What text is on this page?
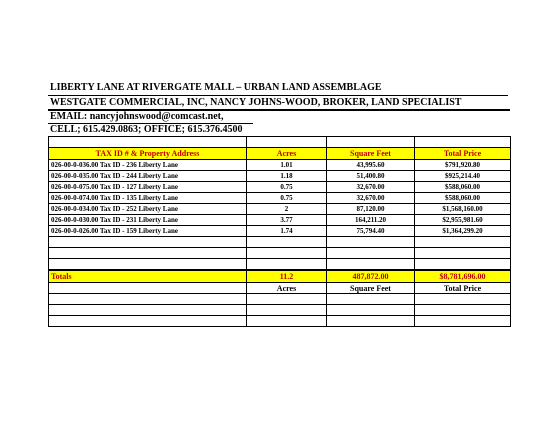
LIBERTY LANE AT RIVERGATE MALL – URBAN LAND ASSEMBLAGE
WESTGATE COMMERCIAL, INC, NANCY JOHNS-WOOD, BROKER, LAND SPECIALIST
EMAIL: nancyjohnswood@comcast.net,
CELL; 615.429.0863; OFFICE; 615.376.4500

TAX ID # & Property Address	Acres	Square Feet	Total Price
026-00-0-036.00 Tax ID - 236 Liberty Lane	1.01	43,995.60	$791,920.80
026-00-0-035.00 Tax ID - 244 Liberty Lane	1.18	51,400.80	$925,214.40
026-00-0-075.00 Tax ID - 127 Liberty Lane	0.75	32,670.00	$588,060.00
026-00-0-074.00 Tax ID - 135 Liberty Lane	0.75	32,670.00	$588,060.00
026-00-0-034.00 Tax ID - 252 Liberty Lane	2	87,120.00	$1,568,160.00
026-00-0-030.00 Tax ID - 231 Liberty Lane	3.77	164,211.20	$2,955,981.60
026-00-0-026.00 Tax ID - 159 Liberty Lane	1.74	75,794.40	$1,364,299.20

Totals	11.2	487,872.00	$8,781,696.00
	Acres	Square Feet	Total Price
